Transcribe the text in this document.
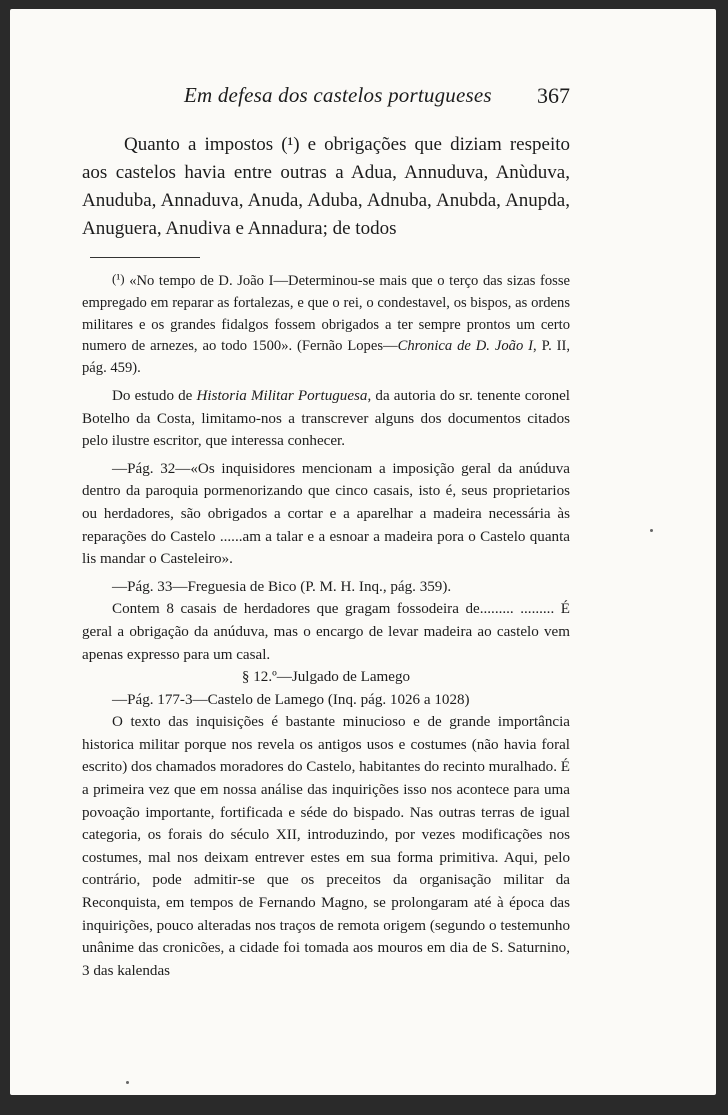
Em defesa dos castelos portugueses 367

Quanto a impostos (¹) e obrigações que diziam respeito aos castelos havia entre outras a Adua, Annuduva, Anùduva, Anuduba, Annaduva, Anuda, Aduba, Adnuba, Anubda, Anupda, Anuguera, Anudiva e Annadura; de todos

(¹) «No tempo de D. João I—Determinou-se mais que o terço das sizas fosse empregado em reparar as fortalezas, e que o rei, o condestavel, os bispos, as ordens militares e os grandes fidalgos fossem obrigados a ter sempre prontos um certo numero de arnezes, ao todo 1500». (Fernão Lopes—Chronica de D. João I, P. II, pág. 459).

Do estudo de Historia Militar Portuguesa, da autoria do sr. tenente coronel Botelho da Costa, limitamo-nos a transcrever alguns dos documentos citados pelo ilustre escritor, que interessa conhecer.

—Pág. 32—«Os inquisidores mencionam a imposição geral da anúduva dentro da paroquia pormenorizando que cinco casais, isto é, seus proprietarios ou herdadores, são obrigados a cortar e a aparelhar a madeira necessária às reparações do Castelo ......am a talar e a esnoar a madeira pora o Castelo quanta lis mandar o Casteleiro».

—Pág. 33—Freguesia de Bico (P. M. H. Inq., pág. 359).

Contem 8 casais de herdadores que gragam fossodeira de......... ......... É geral a obrigação da anúduva, mas o encargo de levar madeira ao castelo vem apenas expresso para um casal.

§ 12.º—Julgado de Lamego

—Pág. 177-3—Castelo de Lamego (Inq. pág. 1026 a 1028)

O texto das inquisições é bastante minucioso e de grande importância historica militar porque nos revela os antigos usos e costumes (não havia foral escrito) dos chamados moradores do Castelo, habitantes do recinto muralhado. É a primeira vez que em nossa análise das inquirições isso nos acontece para uma povoação importante, fortificada e séde do bispado. Nas outras terras de igual categoria, os forais do século XII, introduzindo, por vezes modificações nos costumes, mal nos deixam entrever estes em sua forma primitiva. Aqui, pelo contrário, pode admitir-se que os preceitos da organisação militar da Reconquista, em tempos de Fernando Magno, se prolongaram até à época das inquirições, pouco alteradas nos traços de remota origem (segundo o testemunho unânime das cronicões, a cidade foi tomada aos mouros em dia de S. Saturnino, 3 das kalendas
